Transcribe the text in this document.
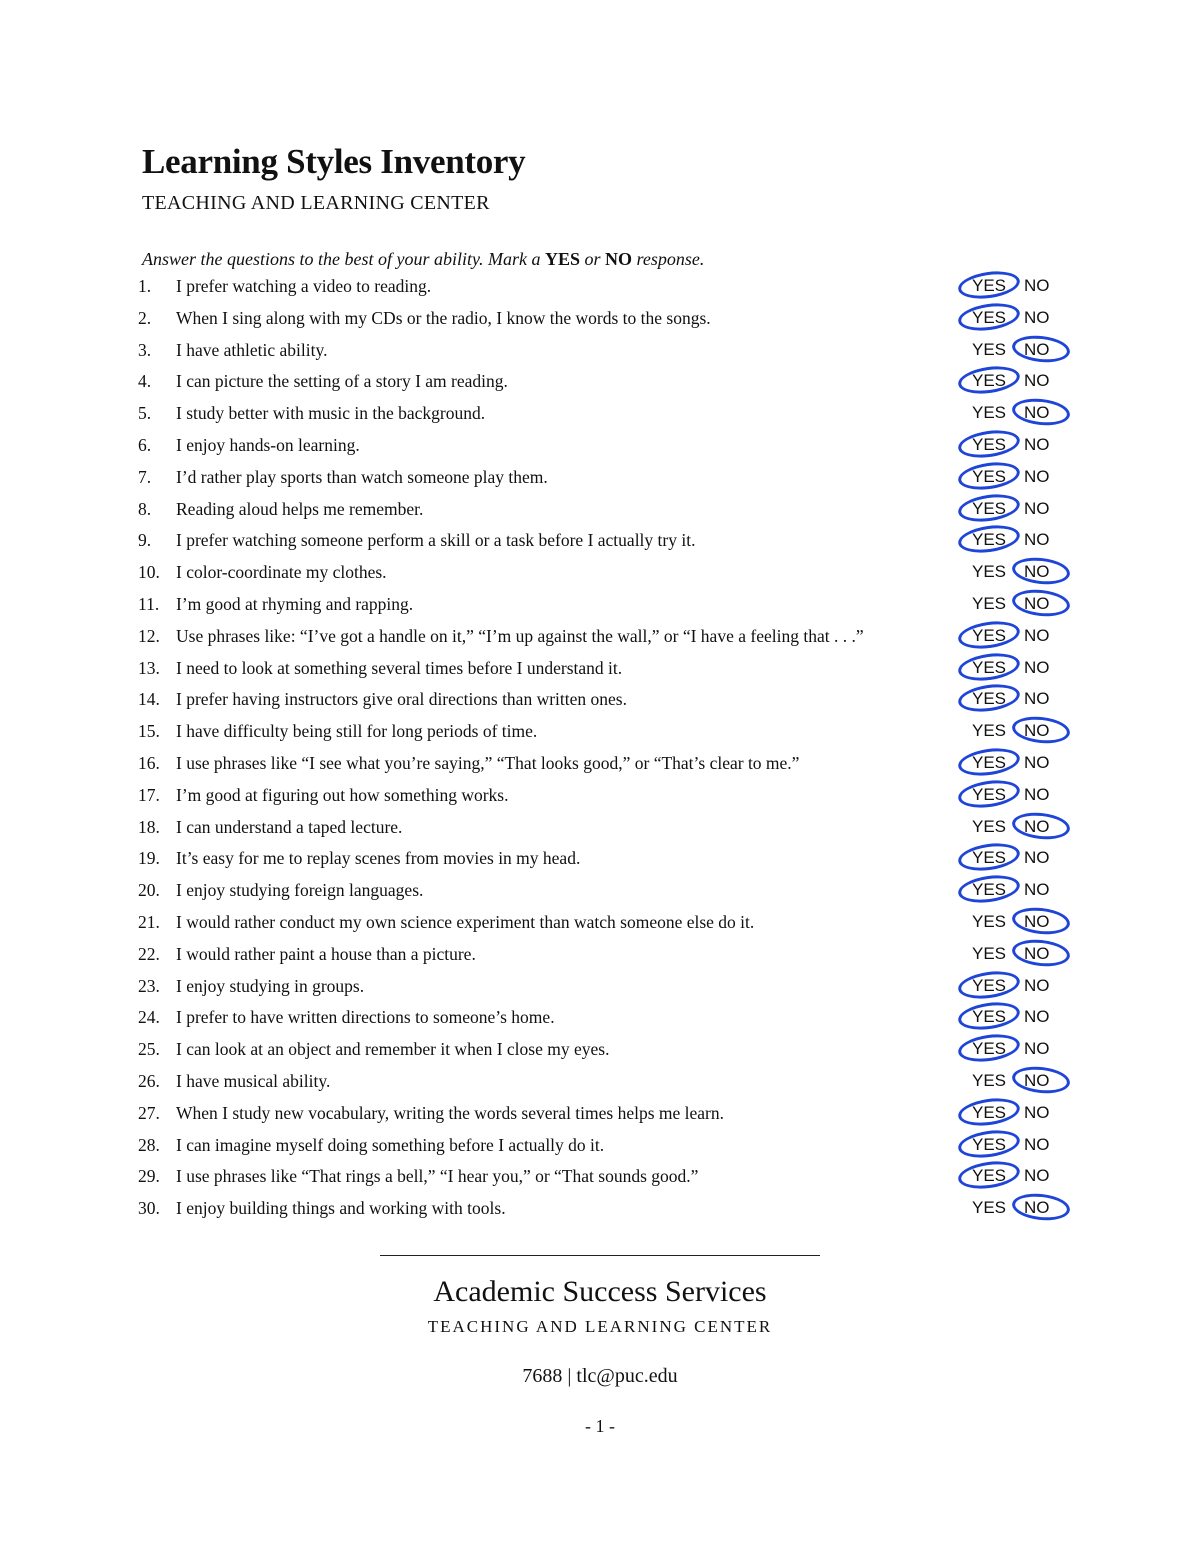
Learning Styles Inventory
TEACHING AND LEARNING CENTER
Answer the questions to the best of your ability. Mark a YES or NO response.
1.	I prefer watching a video to reading.	YES NO
2.	When I sing along with my CDs or the radio, I know the words to the songs.	YES NO
3.	I have athletic ability.	YES NO
4.	I can picture the setting of a story I am reading.	YES NO
5.	I study better with music in the background.	YES NO
6.	I enjoy hands-on learning.	YES NO
7.	I’d rather play sports than watch someone play them.	YES NO
8.	Reading aloud helps me remember.	YES NO
9.	I prefer watching someone perform a skill or a task before I actually try it.	YES NO
10. I color-coordinate my clothes.	YES NO
11. I’m good at rhyming and rapping.	YES NO
12. Use phrases like: “I’ve got a handle on it,” “I’m up against the wall,” or “I have a feeling that . . .”	YES NO
13. I need to look at something several times before I understand it.	YES NO
14. I prefer having instructors give oral directions than written ones.	YES NO
15. I have difficulty being still for long periods of time.	YES NO
16. I use phrases like “I see what you’re saying,” “That looks good,” or “That’s clear to me.”	YES NO
17. I’m good at figuring out how something works.	YES NO
18. I can understand a taped lecture.	YES NO
19. It’s easy for me to replay scenes from movies in my head.	YES NO
20. I enjoy studying foreign languages.	YES NO
21. I would rather conduct my own science experiment than watch someone else do it.	YES NO
22. I would rather paint a house than a picture.	YES NO
23. I enjoy studying in groups.	YES NO
24. I prefer to have written directions to someone’s home.	YES NO
25. I can look at an object and remember it when I close my eyes.	YES NO
26. I have musical ability.	YES NO
27. When I study new vocabulary, writing the words several times helps me learn.	YES NO
28. I can imagine myself doing something before I actually do it.	YES NO
29. I use phrases like “That rings a bell,” “I hear you,” or “That sounds good.”	YES NO
30. I enjoy building things and working with tools.	YES NO
Academic Success Services
TEACHING AND LEARNING CENTER
7688 | tlc@puc.edu
- 1 -
